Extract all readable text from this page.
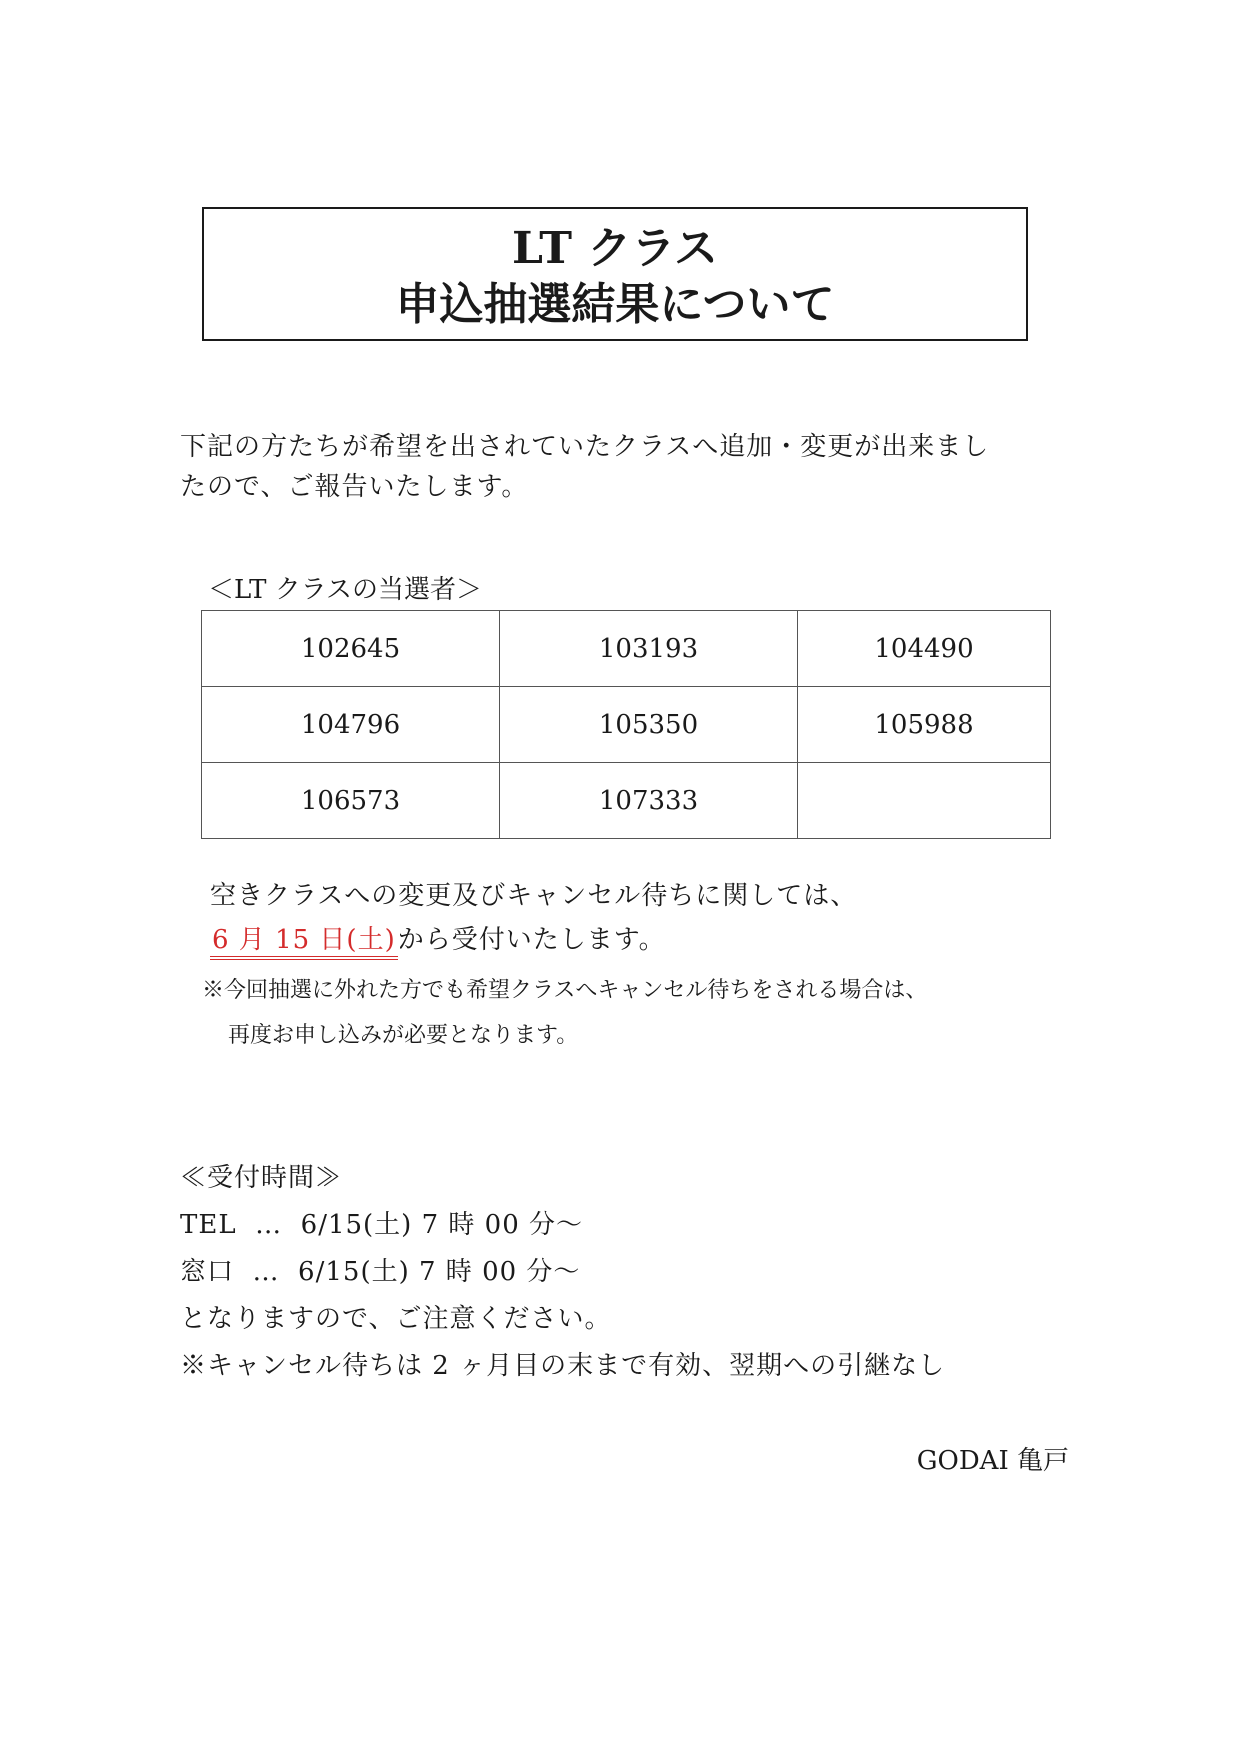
LT クラス
申込抽選結果について
下記の方たちが希望を出されていたクラスへ追加・変更が出来まし
たので、ご報告いたします。
＜LT クラスの当選者＞
102645	103193	104490
104796	105350	105988
106573	107333	
空きクラスへの変更及びキャンセル待ちに関しては、
6 月 15 日(土)から受付いたします。
※今回抽選に外れた方でも希望クラスへキャンセル待ちをされる場合は、
再度お申し込みが必要となります。
≪受付時間≫
TEL  …  6/15(土) 7 時 00 分～
窓口  …  6/15(土) 7 時 00 分～
となりますので、ご注意ください。
※キャンセル待ちは 2 ヶ月目の末まで有効、翌期への引継なし
GODAI 亀戸
